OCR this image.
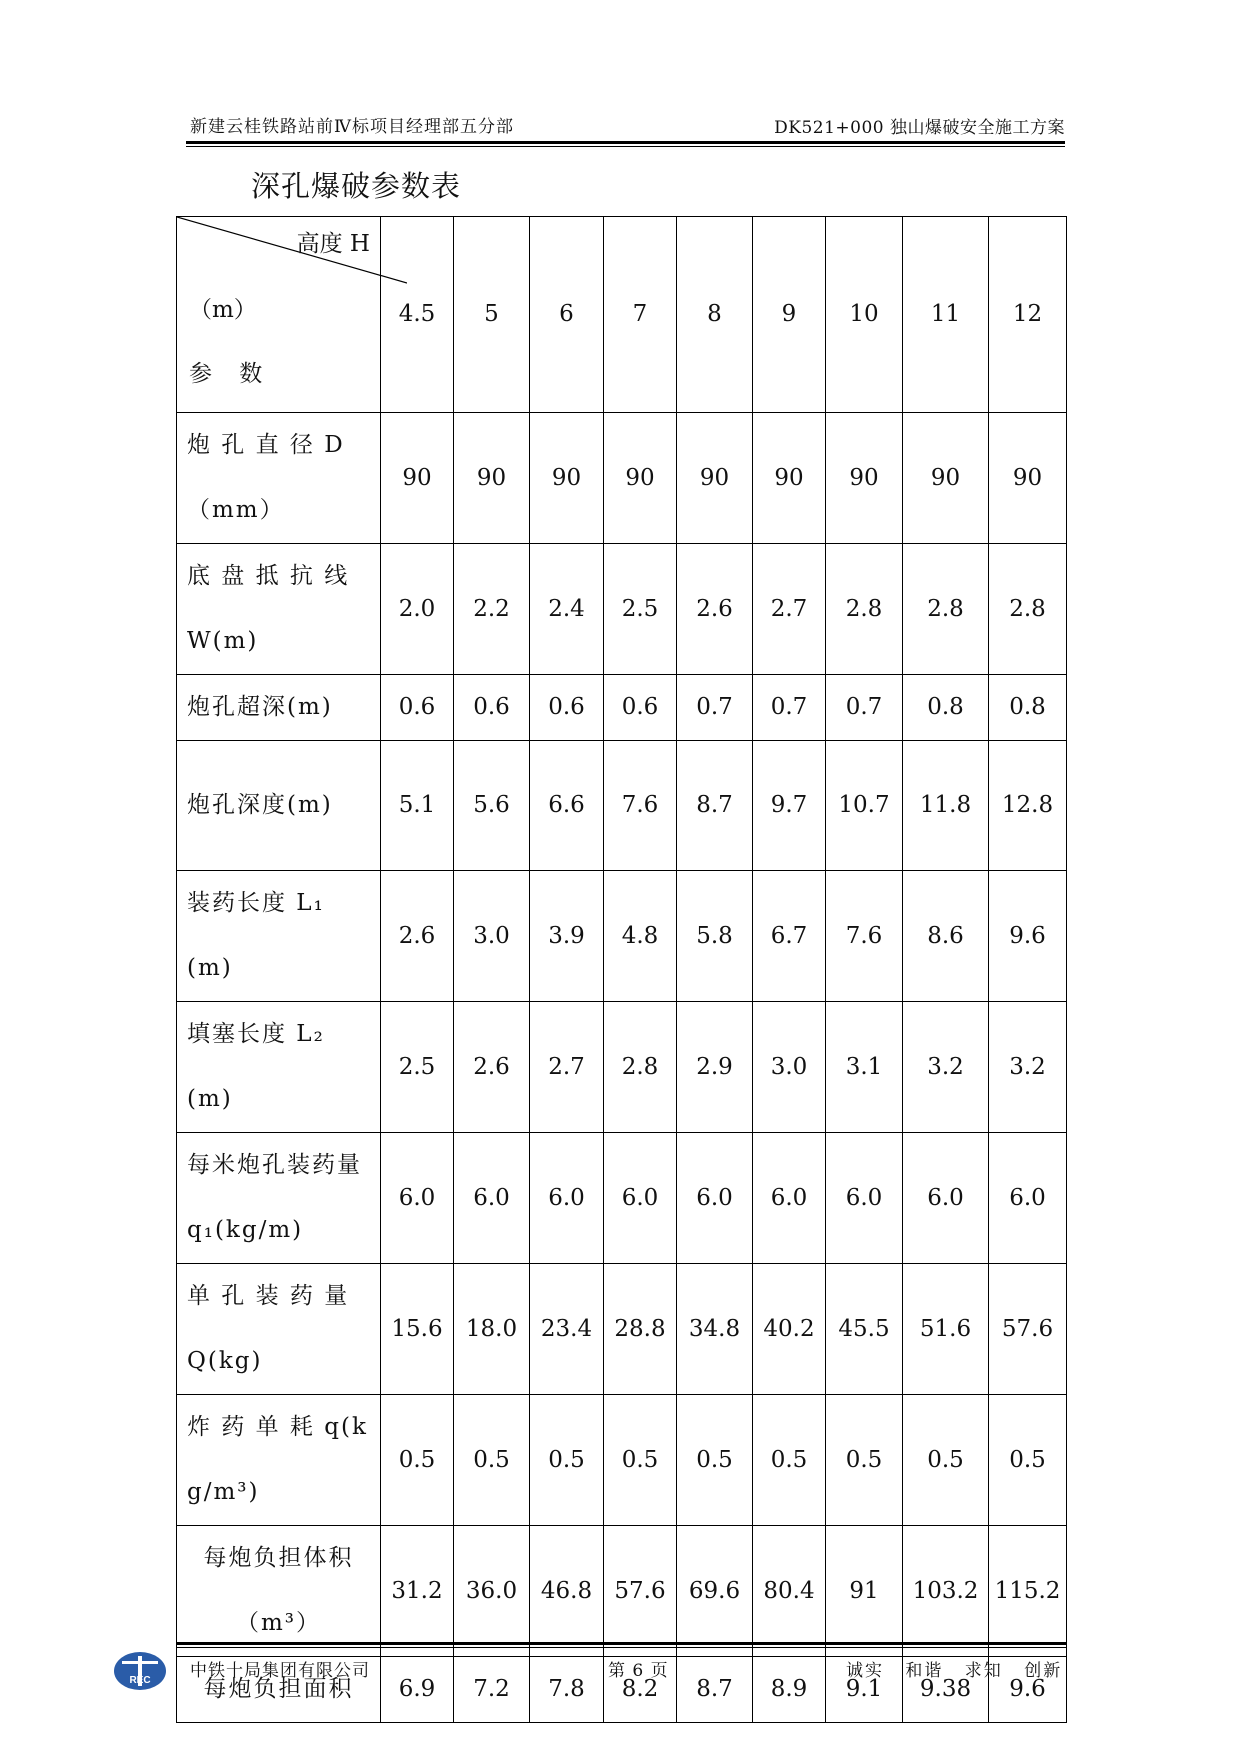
新建云桂铁路站前Ⅳ标项目经理部五分部	DK521+000 独山爆破安全施工方案
深孔爆破参数表
高度 H
（m）
参 数	4.5	5	6	7	8	9	10	11	12
炮 孔 直 径 D（mm）	90	90	90	90	90	90	90	90	90
底 盘 抵 抗 线 W(m)	2.0	2.2	2.4	2.5	2.6	2.7	2.8	2.8	2.8
炮孔超深(m)	0.6	0.6	0.6	0.6	0.7	0.7	0.7	0.8	0.8
炮孔深度(m)	5.1	5.6	6.6	7.6	8.7	9.7	10.7	11.8	12.8
装药长度 L₁(m)	2.6	3.0	3.9	4.8	5.8	6.7	7.6	8.6	9.6
填塞长度 L₂(m)	2.5	2.6	2.7	2.8	2.9	3.0	3.1	3.2	3.2
每米炮孔装药量 q₁(kg/m)	6.0	6.0	6.0	6.0	6.0	6.0	6.0	6.0	6.0
单 孔 装 药 量 Q(kg)	15.6	18.0	23.4	28.8	34.8	40.2	45.5	51.6	57.6
炸 药 单 耗 q(kg/m³)	0.5	0.5	0.5	0.5	0.5	0.5	0.5	0.5	0.5
每炮负担体积（m³）	31.2	36.0	46.8	57.6	69.6	80.4	91	103.2	115.2
每炮负担面积	6.9	7.2	7.8	8.2	8.7	8.9	9.1	9.38	9.6
REC 中铁十局集团有限公司	第 6 页	诚实 和谐 求知 创新
